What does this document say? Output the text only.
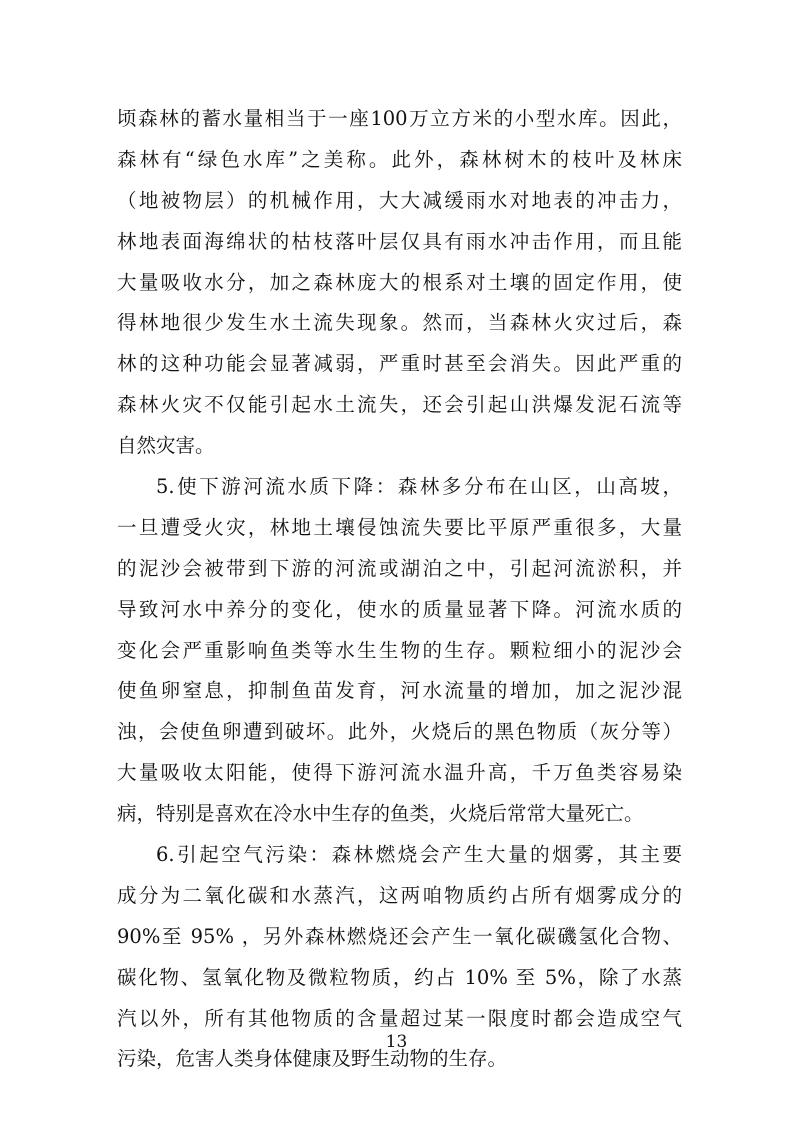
顷森林的蓄水量相当于一座100万立方米的小型水库。因此，
森林有“绿色水库”之美称。此外，森林树木的枝叶及林床
（地被物层）的机械作用，大大减缓雨水对地表的冲击力，
林地表面海绵状的枯枝落叶层仅具有雨水冲击作用，而且能
大量吸收水分，加之森林庞大的根系对土壤的固定作用，使
得林地很少发生水土流失现象。然而，当森林火灾过后，森
林的这种功能会显著减弱，严重时甚至会消失。因此严重的
森林火灾不仅能引起水土流失，还会引起山洪爆发泥石流等
自然灾害。
5.使下游河流水质下降：森林多分布在山区，山高坡，
一旦遭受火灾，林地土壤侵蚀流失要比平原严重很多，大量
的泥沙会被带到下游的河流或湖泊之中，引起河流淤积，并
导致河水中养分的变化，使水的质量显著下降。河流水质的
变化会严重影响鱼类等水生生物的生存。颗粒细小的泥沙会
使鱼卵窒息，抑制鱼苗发育，河水流量的增加，加之泥沙混
浊，会使鱼卵遭到破坏。此外，火烧后的黑色物质（灰分等）
大量吸收太阳能，使得下游河流水温升高，千万鱼类容易染
病，特别是喜欢在冷水中生存的鱼类，火烧后常常大量死亡。
6.引起空气污染：森林燃烧会产生大量的烟雾，其主要
成分为二氧化碳和水蒸汽，这两咱物质约占所有烟雾成分的
90%至 95% ，另外森林燃烧还会产生一氧化碳磯氢化合物、
碳化物、氢氧化物及微粒物质，约占 10% 至 5%，除了水蒸
汽以外，所有其他物质的含量超过某一限度时都会造成空气
污染，危害人类身体健康及野生动物的生存。
13
